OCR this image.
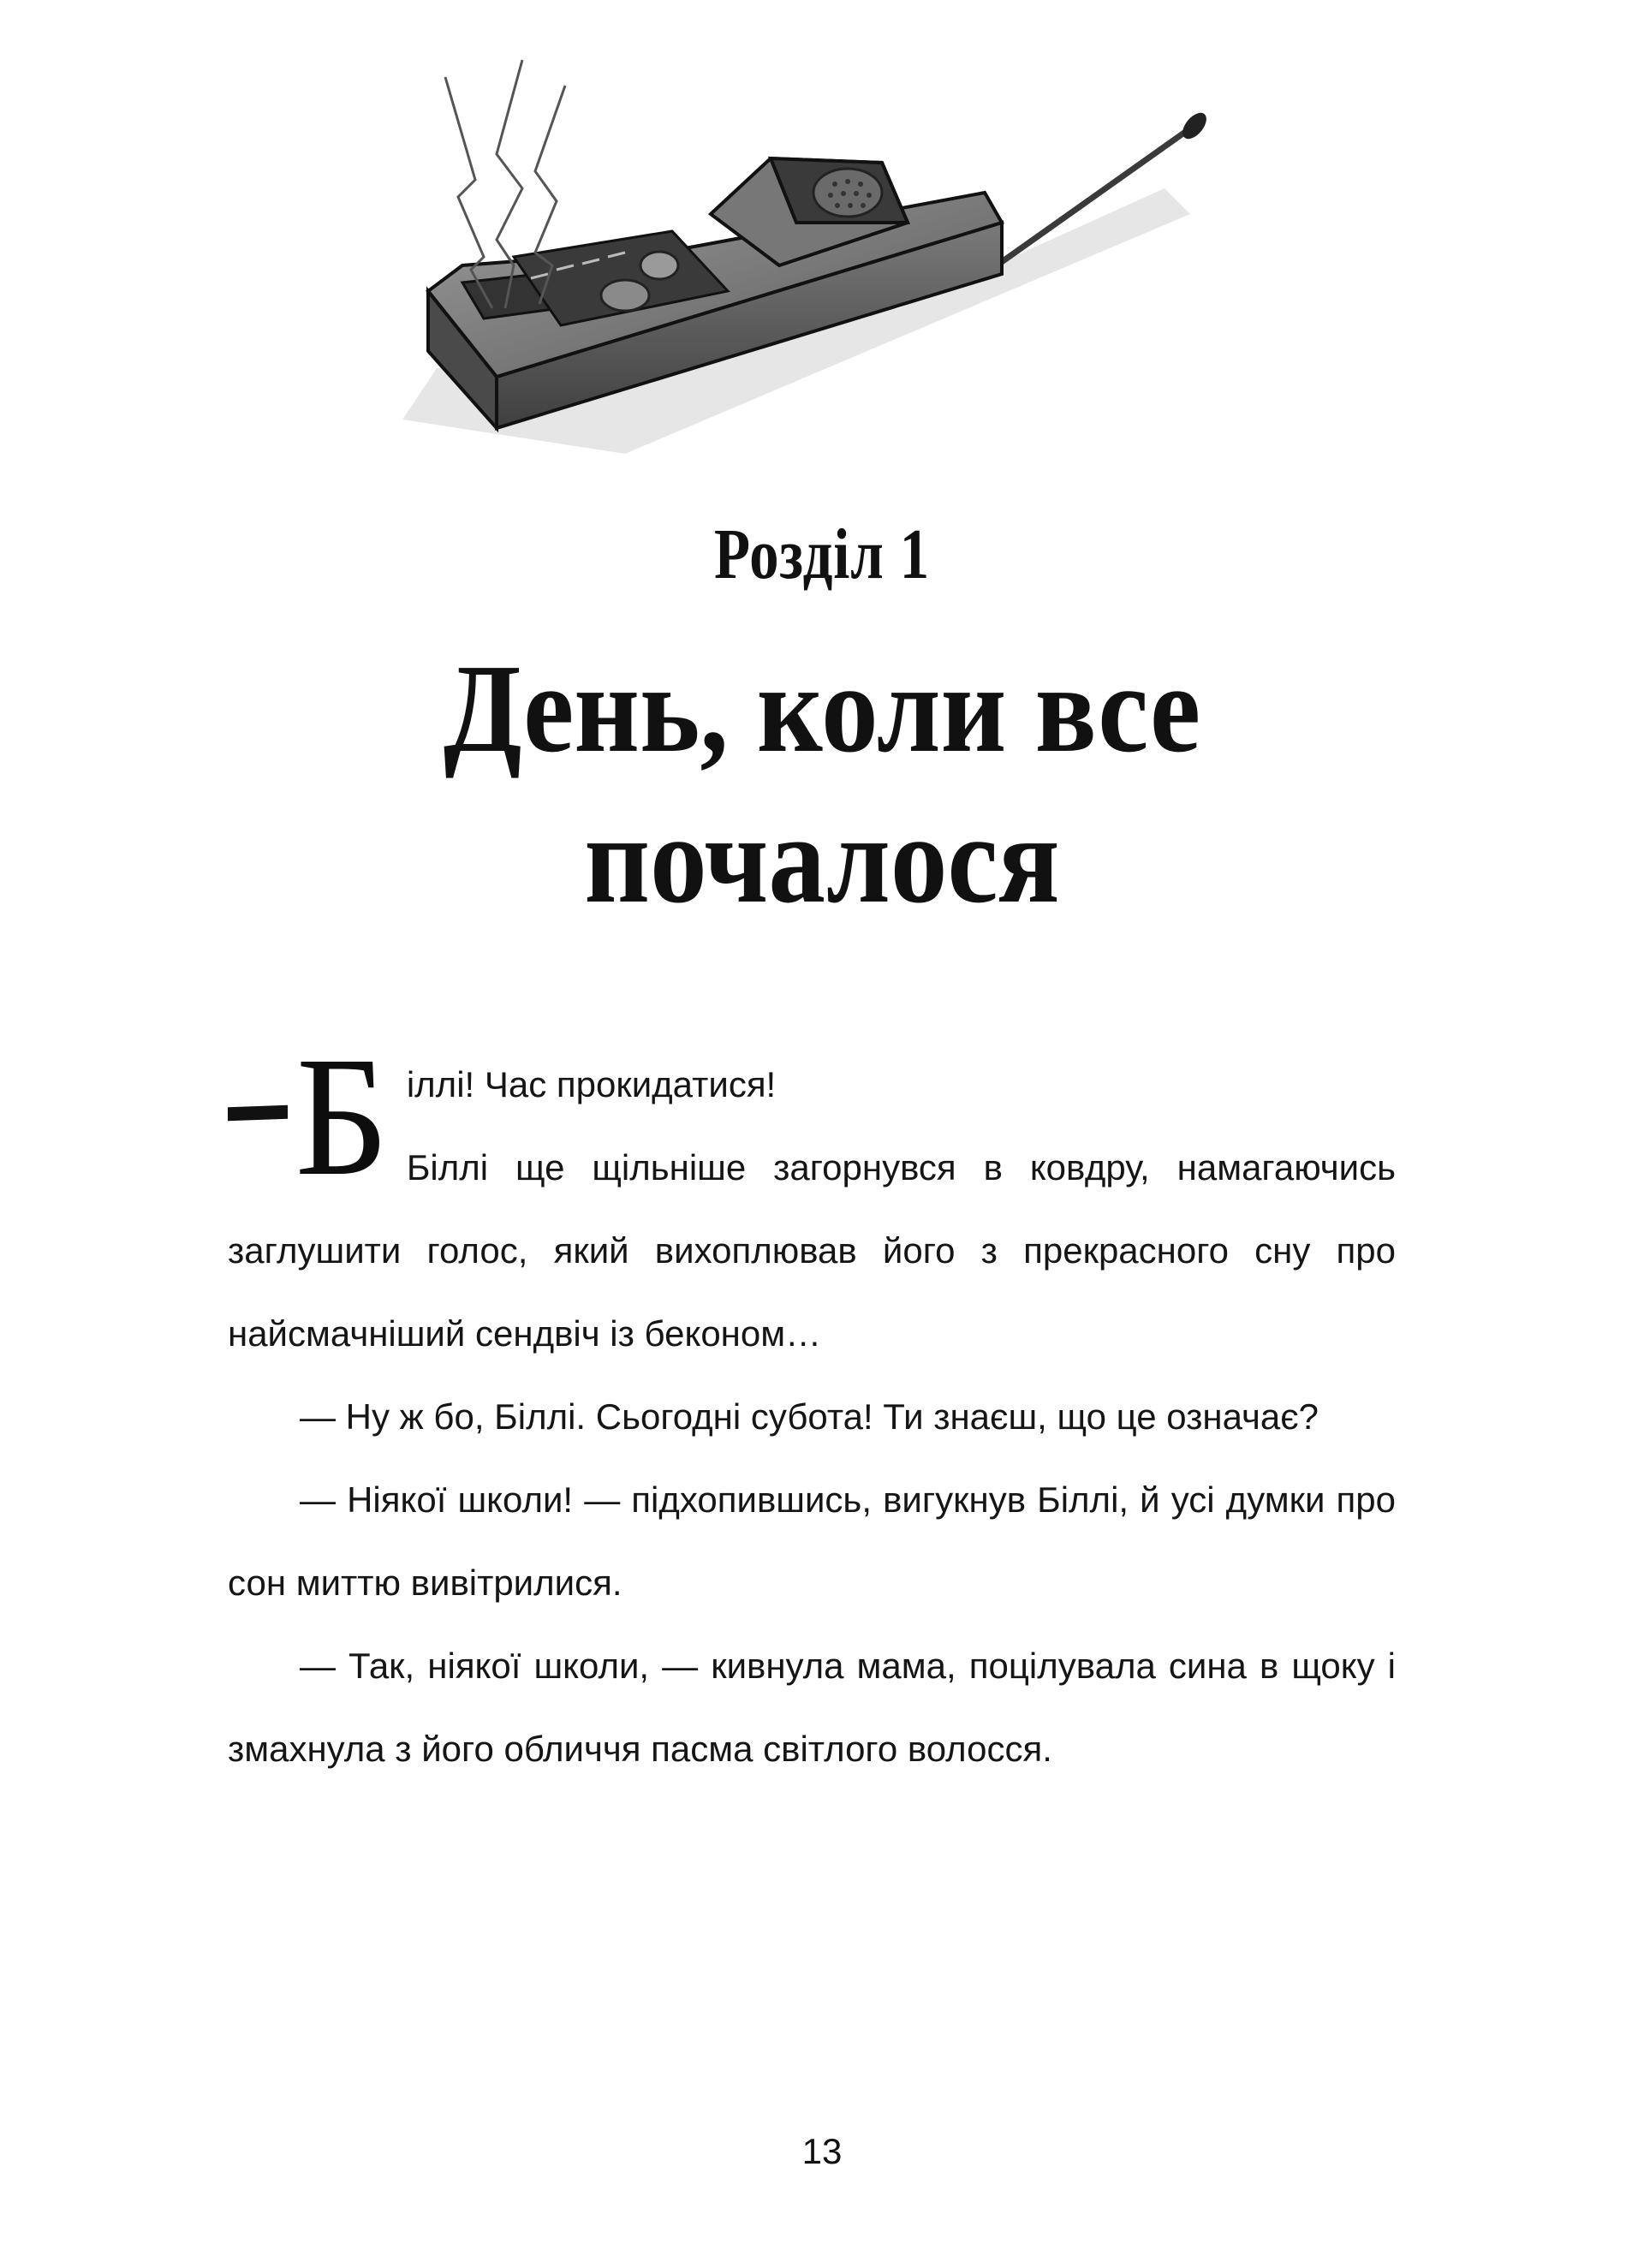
Розділ 1
День, коли все
почалося
Б іллі! Час прокидатися!

Біллі ще щільніше загорнувся в ковдру, намагаючись заглушити голос, який вихоплював його з прекрасного сну про найсмачніший сендвіч із беконом…

— Ну ж бо, Біллі. Сьогодні субота! Ти знаєш, що це означає?

— Ніякої школи! — підхопившись, вигукнув Біллі, й усі думки про сон миттю вивітрилися.

— Так, ніякої школи, — кивнула мама, поцілувала сина в щоку і змахнула з його обличчя пасма світлого волосся.

13
